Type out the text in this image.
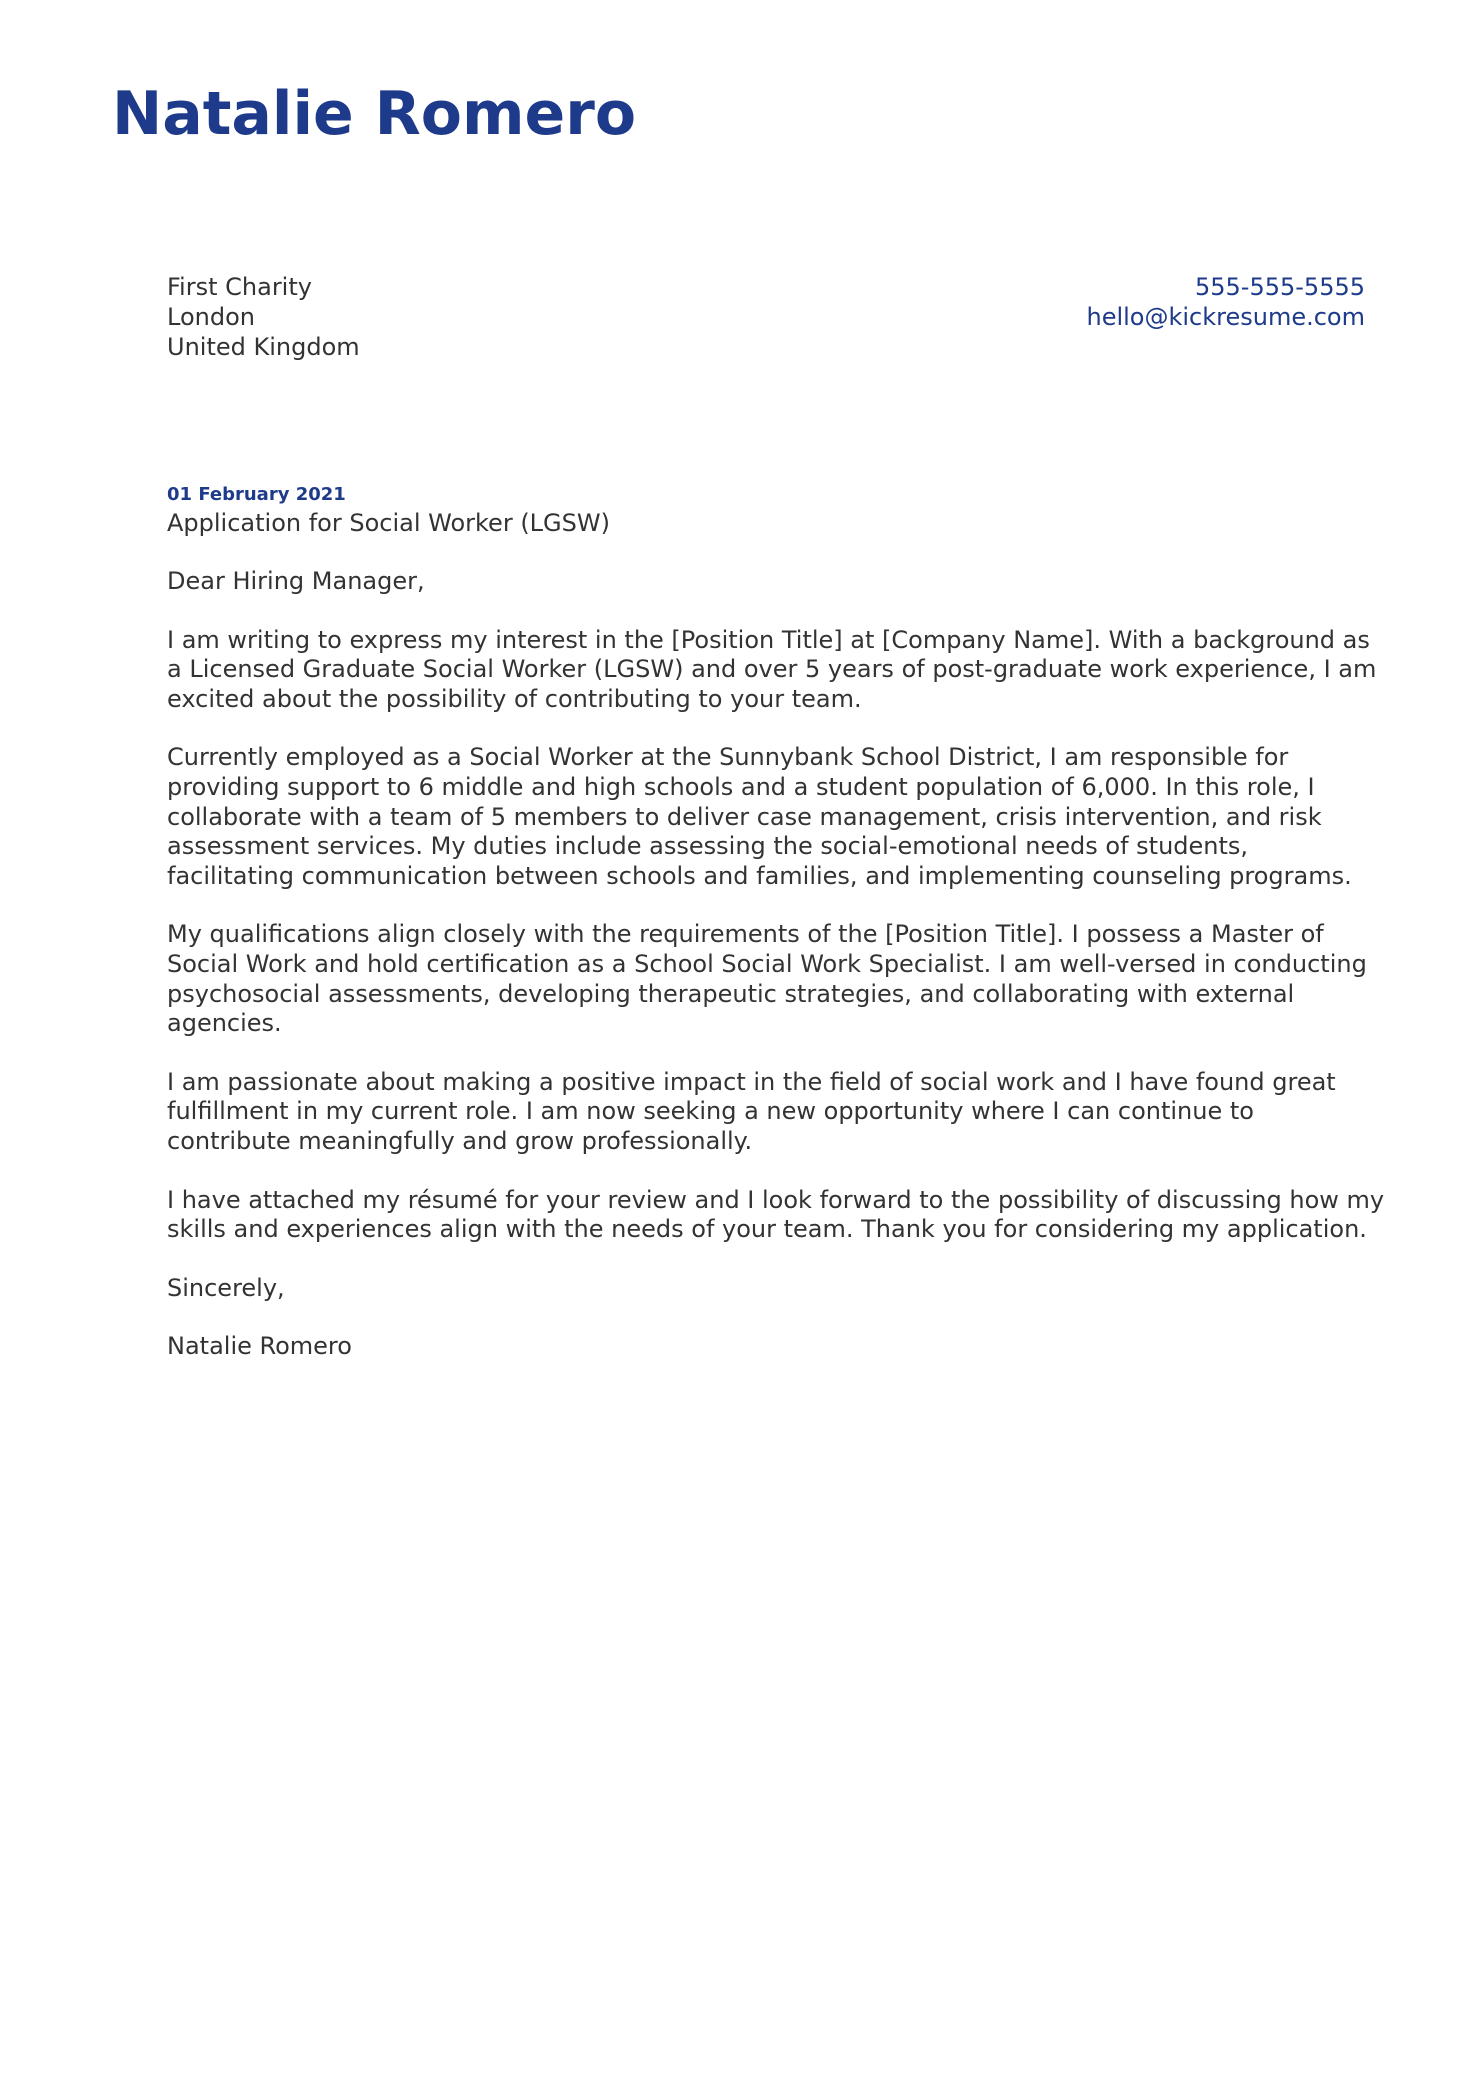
Natalie Romero
First Charity
London
United Kingdom
555-555-5555
hello@kickresume.com
01 February 2021
Application for Social Worker (LGSW)

Dear Hiring Manager,

I am writing to express my interest in the [Position Title] at [Company Name]. With a background as
a Licensed Graduate Social Worker (LGSW) and over 5 years of post-graduate work experience, I am
excited about the possibility of contributing to your team.

Currently employed as a Social Worker at the Sunnybank School District, I am responsible for
providing support to 6 middle and high schools and a student population of 6,000. In this role, I
collaborate with a team of 5 members to deliver case management, crisis intervention, and risk
assessment services. My duties include assessing the social-emotional needs of students,
facilitating communication between schools and families, and implementing counseling programs.

My qualifications align closely with the requirements of the [Position Title]. I possess a Master of
Social Work and hold certification as a School Social Work Specialist. I am well-versed in conducting
psychosocial assessments, developing therapeutic strategies, and collaborating with external
agencies.

I am passionate about making a positive impact in the field of social work and I have found great
fulfillment in my current role. I am now seeking a new opportunity where I can continue to
contribute meaningfully and grow professionally.

I have attached my résumé for your review and I look forward to the possibility of discussing how my
skills and experiences align with the needs of your team. Thank you for considering my application.

Sincerely,

Natalie Romero
